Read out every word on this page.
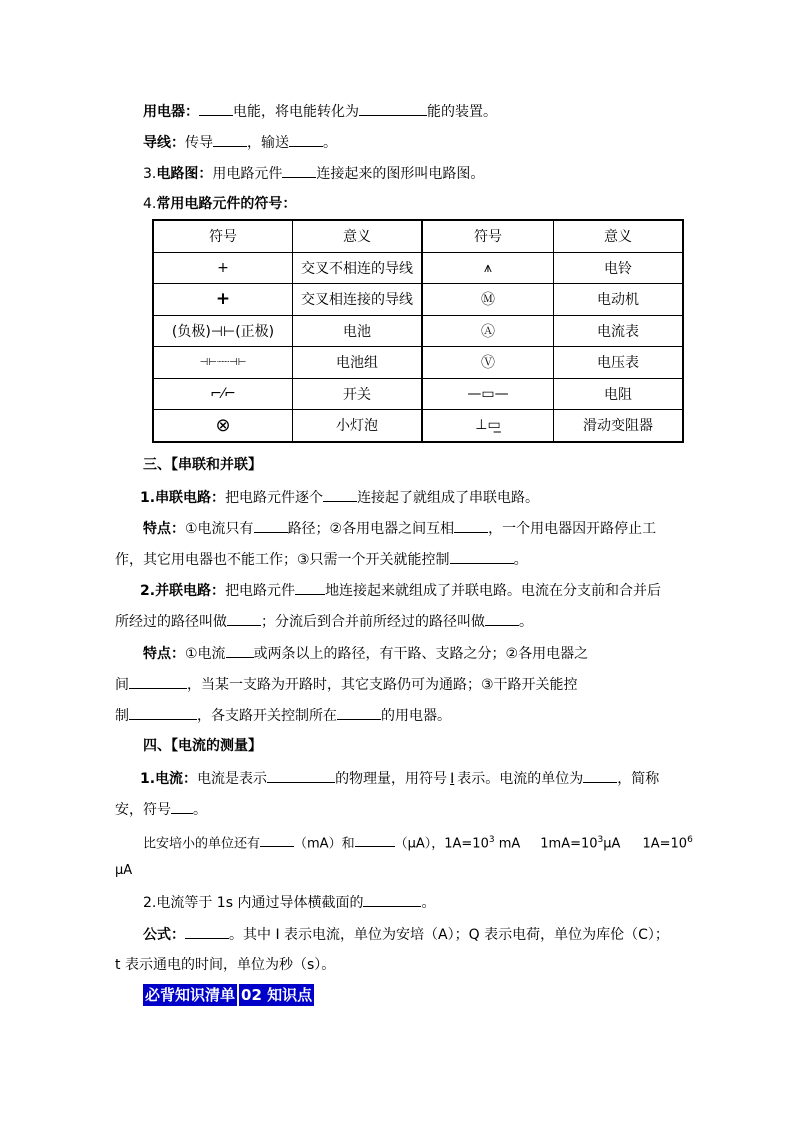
用电器： 电能，将电能转化为	能的装置。
导线：传导 ，输送 。
3.电路图：用电路元件 连接起来的图形叫电路图。
4.常用电路元件的符号：
符号	意义	符号	意义
+	交叉不相连的导线	⩚	电铃
+	交叉相连接的导线	Ⓜ	电动机
(负极)⊣⊢(正极)	电池	Ⓐ	电流表
⊣⊢┈┈⊣⊢	电池组	Ⓥ	电压表
⌐⁄⌐	开关	—▭—	电阻
⊗	小灯泡	⊥▭̲	滑动变阻器
三、【串联和并联】
1.串联电路：把电路元件逐个 连接起了就组成了串联电路。
特点：①电流只有 路径；②各用电器之间互相 ，一个用电器因开路停止工
作，其它用电器也不能工作；③只需一个开关就能控制	。
2.并联电路：把电路元件 地连接起来就组成了并联电路。电流在分支前和合并后
所经过的路径叫做 ；分流后到合并前所经过的路径叫做 。
特点：①电流 或两条以上的路径，有干路、支路之分；②各用电器之
间	，当某一支路为开路时，其它支路仍可为通路；③干路开关能控
制	，各支路开关控制所在	的用电器。
四、【电流的测量】
1.电流：电流是表示	的物理量，用符号 I 表示。电流的单位为 ，简称
安，符号 。
比安培小的单位还有	（mA）和	（μA），$1A=10^3$ mA $1mA=10^3\mu A$ $1A=10^6$
μA
2.电流等于 1s 内通过导体横截面的	。
公式：	。其中 I 表示电流，单位为安培（A）；Q 表示电荷，单位为库伦（C）；
t 表示通电的时间，单位为秒（s）。
必背知识清单 02 知识点
